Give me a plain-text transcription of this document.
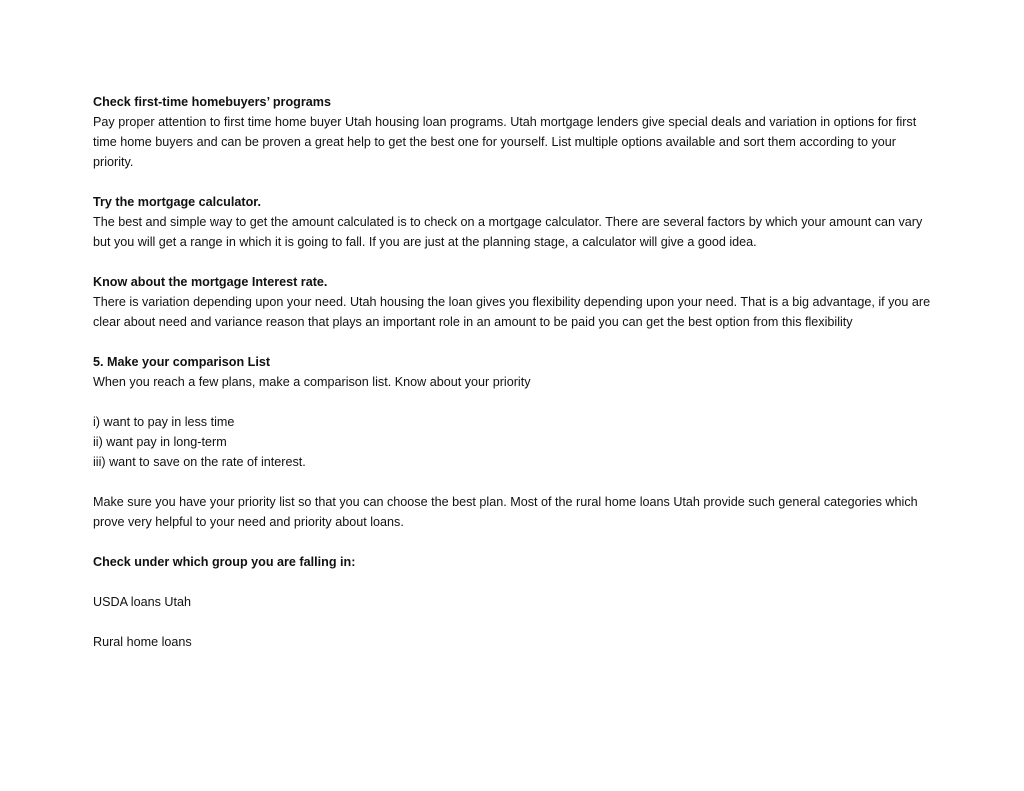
Check first-time homebuyers’ programs
Pay proper attention to first time home buyer Utah housing loan programs. Utah mortgage lenders give special deals and variation in options for first time home buyers and can be proven a great help to get the best one for yourself. List multiple options available and sort them according to your priority.
Try the mortgage calculator.
The best and simple way to get the amount calculated is to check on a mortgage calculator. There are several factors by which your amount can vary but you will get a range in which it is going to fall. If you are just at the planning stage, a calculator will give a good idea.
Know about the mortgage Interest rate.
There is variation depending upon your need. Utah housing the loan gives you flexibility depending upon your need. That is a big advantage, if you are clear about need and variance reason that plays an important role in an amount to be paid you can get the best option from this flexibility
5. Make your comparison List
When you reach a few plans, make a comparison list. Know about your priority
i) want to pay in less time
ii) want pay in long-term
iii) want to save on the rate of interest.
Make sure you have your priority list so that you can choose the best plan. Most of the rural home loans Utah provide such general categories which prove very helpful to your need and priority about loans.
Check under which group you are falling in:
USDA loans Utah
Rural home loans
